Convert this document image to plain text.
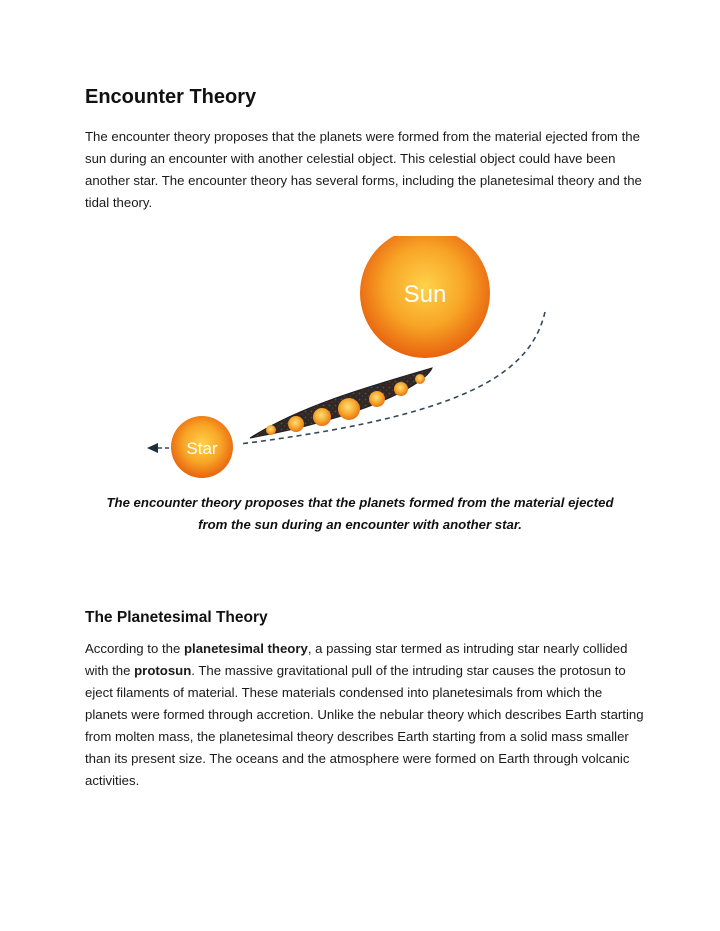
Encounter Theory

The encounter theory proposes that the planets were formed from the material ejected from the sun during an encounter with another celestial object. This celestial object could have been another star. The encounter theory has several forms, including the planetesimal theory and the tidal theory.

Sun
Star

The encounter theory proposes that the planets formed from the material ejected from the sun during an encounter with another star.

The Planetesimal Theory

According to the planetesimal theory, a passing star termed as intruding star nearly collided with the protosun. The massive gravitational pull of the intruding star causes the protosun to eject filaments of material. These materials condensed into planetesimals from which the planets were formed through accretion. Unlike the nebular theory which describes Earth starting from molten mass, the planetesimal theory describes Earth starting from a solid mass smaller than its present size. The oceans and the atmosphere were formed on Earth through volcanic activities.
